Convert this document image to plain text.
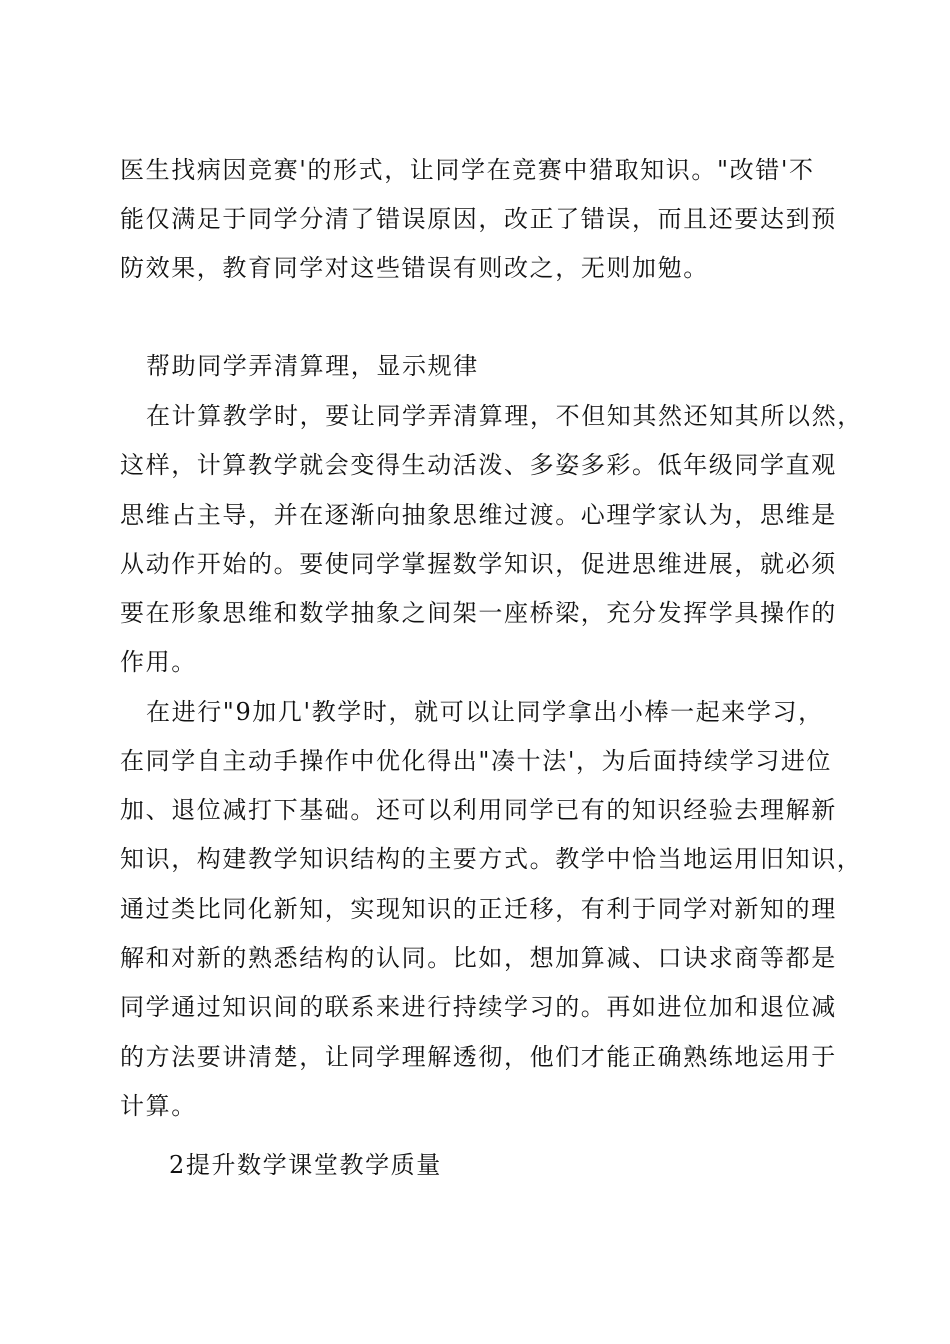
医生找病因竞赛'的形式，让同学在竞赛中猎取知识。"改错'不
能仅满足于同学分清了错误原因，改正了错误，而且还要达到预
防效果，教育同学对这些错误有则改之，无则加勉。
帮助同学弄清算理，显示规律
在计算教学时，要让同学弄清算理，不但知其然还知其所以然，
这样，计算教学就会变得生动活泼、多姿多彩。低年级同学直观
思维占主导，并在逐渐向抽象思维过渡。心理学家认为，思维是
从动作开始的。要使同学掌握数学知识，促进思维进展，就必须
要在形象思维和数学抽象之间架一座桥梁，充分发挥学具操作的
作用。
在进行"9加几'教学时，就可以让同学拿出小棒一起来学习，
在同学自主动手操作中优化得出"凑十法'，为后面持续学习进位
加、退位减打下基础。还可以利用同学已有的知识经验去理解新
知识，构建教学知识结构的主要方式。教学中恰当地运用旧知识，
通过类比同化新知，实现知识的正迁移，有利于同学对新知的理
解和对新的熟悉结构的认同。比如，想加算减、口诀求商等都是
同学通过知识间的联系来进行持续学习的。再如进位加和退位减
的方法要讲清楚，让同学理解透彻，他们才能正确熟练地运用于
计算。
2提升数学课堂教学质量
